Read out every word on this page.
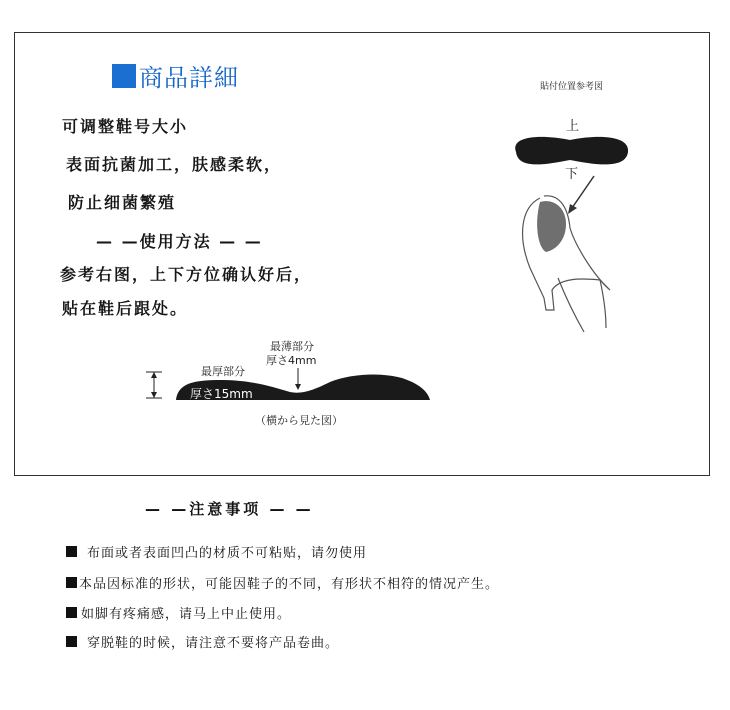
商品詳細
可调整鞋号大小
表面抗菌加工，肤感柔软，
防止细菌繁殖
— —使用方法 — —
参考右图，上下方位确认好后，
贴在鞋后跟处。
貼付位置参考図
上
下
最薄部分
厚さ4mm
最厚部分
厚さ15mm
（横から見た図）
— —注意事项 — —
布面或者表面凹凸的材质不可粘贴，请勿使用
本品因标准的形状，可能因鞋子的不同，有形状不相符的情况产生。
如脚有疼痛感，请马上中止使用。
穿脱鞋的时候，请注意不要将产品卷曲。
